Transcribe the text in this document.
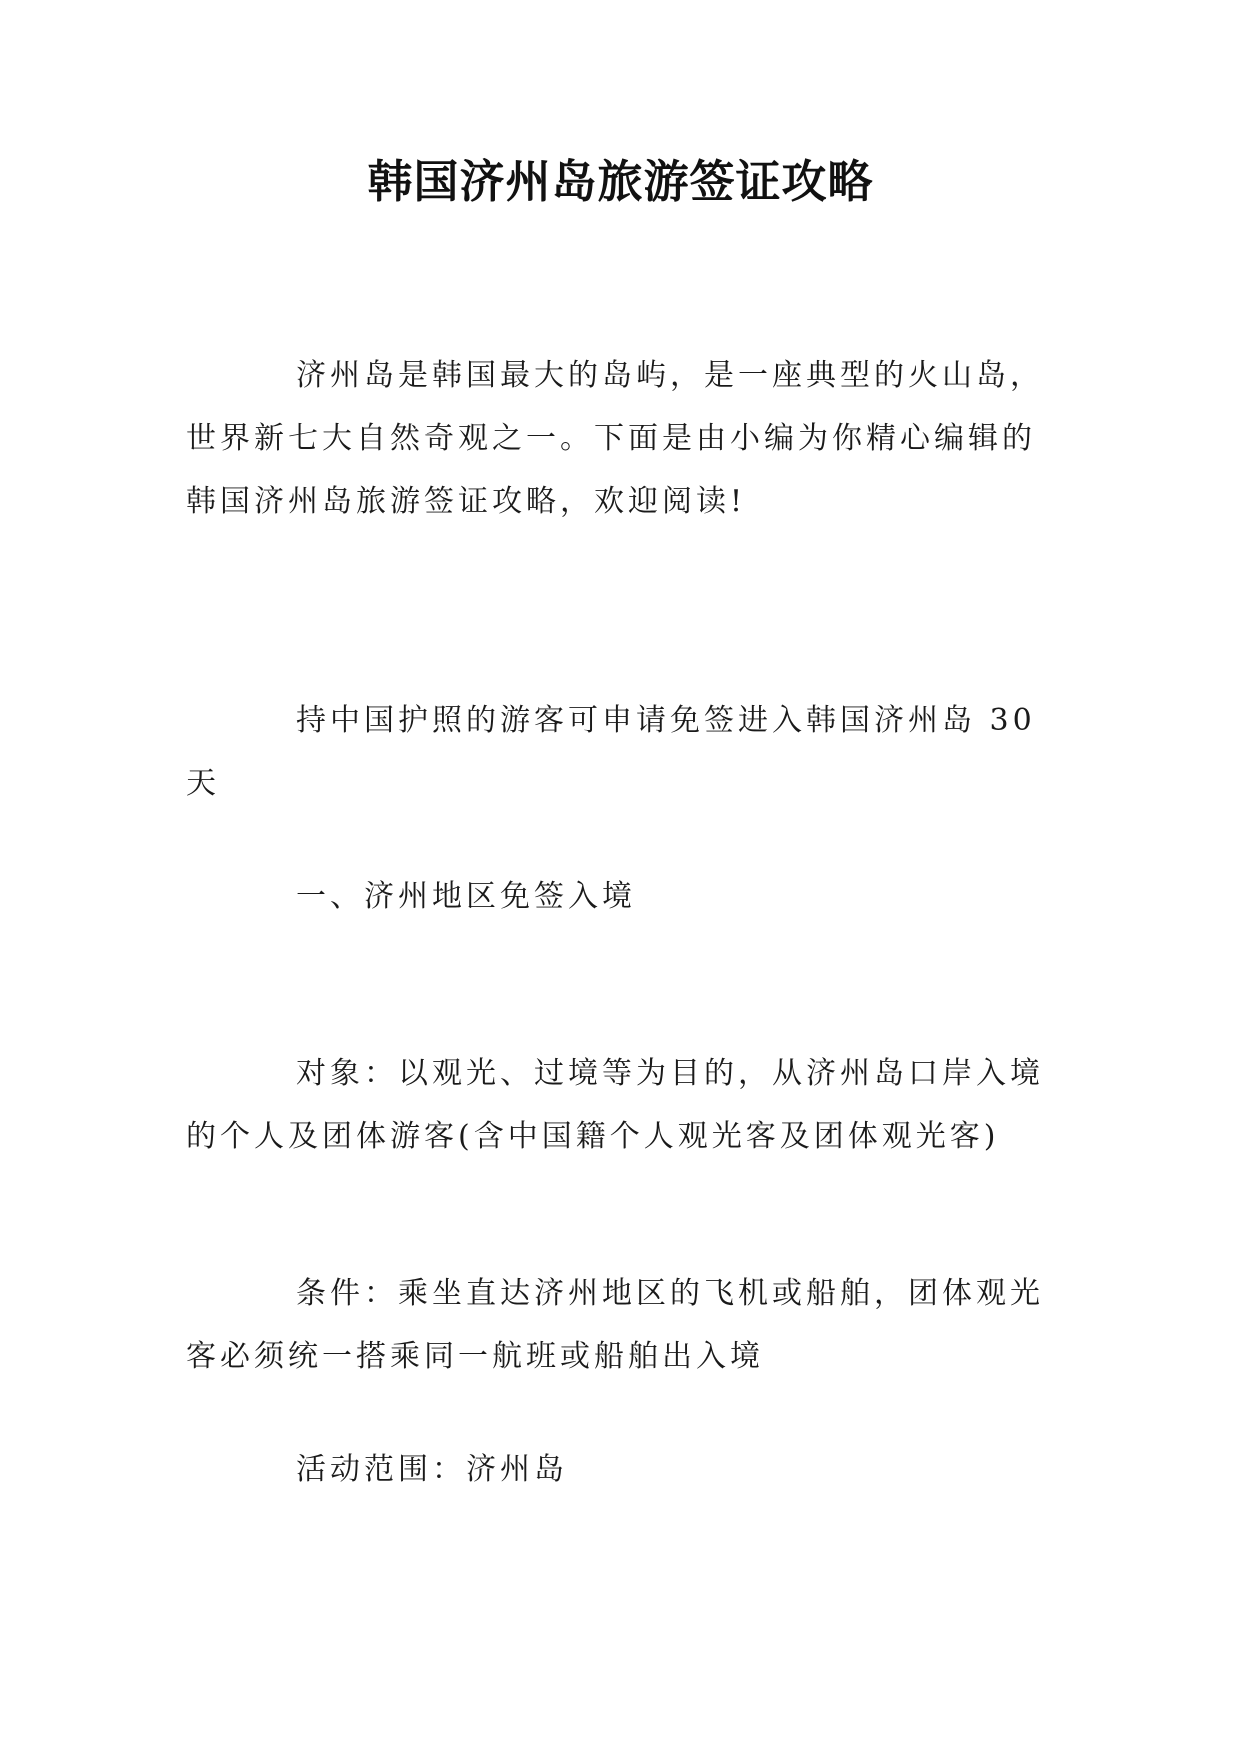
韩国济州岛旅游签证攻略

济州岛是韩国最大的岛屿，是一座典型的火山岛，世界新七大自然奇观之一。下面是由小编为你精心编辑的韩国济州岛旅游签证攻略，欢迎阅读!

持中国护照的游客可申请免签进入韩国济州岛 30 天

一、济州地区免签入境

对象：以观光、过境等为目的，从济州岛口岸入境的个人及团体游客(含中国籍个人观光客及团体观光客)

条件：乘坐直达济州地区的飞机或船舶，团体观光客必须统一搭乘同一航班或船舶出入境

活动范围：济州岛
